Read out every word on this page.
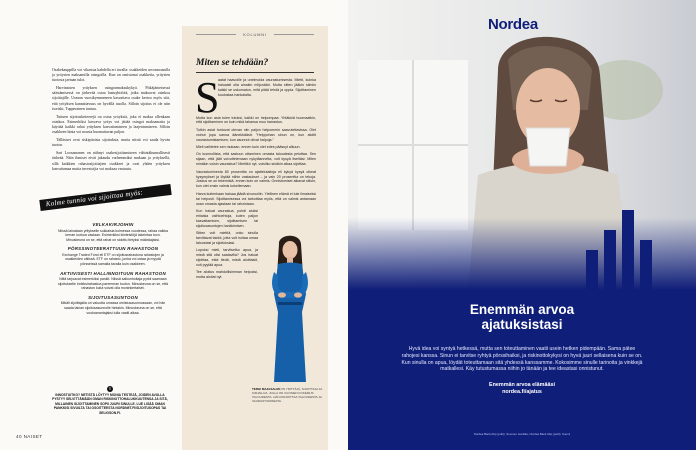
Osakekauppilla voi vikastua kahdella eri tavalla: osakkeiden arvonnousulla ja yritysten maksamilla osingoilla. Kun on omistanut osakkeita, yritysten tuotosta jaetaan tulot.

Harvinaisen yrityksen osingonmaksukykyä. Pitkäjänteisessä säästämisessä on järkevää ostaa laatuyhtiöitä, jotka maksavat osinkoa sijoittajille. Useaan vuosikymmeneen kasvattava osake kertoo myös sitä, että yrityksen kannattavuus on hyvällä tasolla. Silloin sijoitus ei ole niin isoriski, Tupperainen tuntuu.

Tuttuen sijoituskriteerejä on ostaa yrityksiä, joka ei maksa ollenkaan osinkoa. Esimerkiksi kasvava yritys voi jättää osingot maksamatta ja käyttää kaikki rahat yrityksen kasvattamiseen ja laajentamiseen. Silloin osakkeen hinta voi nousta huomattavan paljon.

Tälläsiset ovat riskipitoisia sijoituksia, mutta niistä voi saada hyvän tuoton.

Sari Loosamanen on nähnyt osakesijoittamiseen vähintäkunnallisesti tärkeää. Näin ihmiset eivät jakaudu varhemmiksi mukaan ja yrityksellä, sillä kaikkien rahastosijoittajien osakkeet ja ovat yhden yrityksen kasvattamaa mutta investoijia voi maksaa vastuuta.

Kolme tunnia voi sijoittaa myös:
VELKAKIRJOIHIN
Niissä lainataan yritykselle sukkaisia kolmessa vuodessa, rahaa vaikka kerran korkoa vastaan. Esimerkiksi kiinteistöjä lakeintaa toon. Minuskeuna on se, että rahat on sidottu tietyksi määräajaksi.
PÖRSSINOTEERATTUUN RAHASTOON
Exchange Traded Fund eli ETF on sijoitusrahastona rahastojen ja osakkeiden välissä. ETF on rahasto, jonka voi ostaa ja myydä pörsseissä samalla tavalla kuin osakkeen.
AKTIIVISESTI HALLINNOITUUN RAHASTOON
Niitä tarjoavat esimerkiksi pankit. Niissä salkunhoitaja pyrkii saamaan sijoitukselle indeksirahastoa paremman tuoton. Minuskeuna on se, että rahaston kulut voivat olla moninkertaiset.
SIJOITUSASUNTOON
Mikäli sijoittajalla on valuutta omassa omistusasunnossaan, voi hän saada lainan sijoitusasunnolle hintakin. Minuskeuna on se, että vuokranantajaksi tulla vaatii aikaa.
!
INNOSTUITKO? NETISTÄ LÖYTYY MONIA TESTEJÄ, JOIDEN AVULLA PYSTYY SELVITTÄMÄÄN OMAN RISKINOTTOHALUKKUUTENSA JA SITÄ, MILLAINEN SIJOITTAMINEN SOPII JUURI SINULLE. LUE LISÄÄ OMAN PANKKISI SIVUILTA TAI OSOITTEESTA NORDNET.FI/SIJOITUSOPAS TAI SELIGSON.FI.
40 NAISET
KOLUMNI
Miten se tehdään?
S

aatat haavoille ja unelmoida vaurastumisesta. Mietit, kuinka haluaisit olla ainakin miljonääri. Mutta sitten jääkin silmiin kaikki se uskomaton, mitä pitää tehdä ja oppia. Sijoittaminen kuulostaa hankalalta.

Mutta kun asia tulee tutuksi, kaikki on helpompaa. Yhtäkkiä huomaatkin, että sijoittaminen on kuin mikä tahansa muu harrastus.

Tutkin asiat tuntuvat olevan niin paljon helpommin saavutettavissa. Olet voinut jopa sanoa äänekkäästi: "Helppohan sinun on, kun aloitit vaurastumistamisen, kun asunnot olivat halpoja."

Mieli vaihtelee sen mukaan, ennen kuin olet edes päässyt alkuun.

On luonnollista, että sastuun ottaminen omasta taloudesta pelottaa. Sen sijaan, että jäät voivottelemaan nykytilannetta, voit kysyä itseltäsi: Miten minäkin voisin vaurastua? Mietitkö nyt, voisitko sinäkin alkaa sijoittaa.

Vaurastuminesta 80 prosenttia on ajattelutaitoja eli kykyä kysyä oikeat kysymykset ja löytää niihin vastaukset – ja vain 20 prosenttia on tekoja. Joskus se on tekemistä, ennen kuin on valmis. Onnistumiset alkavat silloin, kun olet ensin valmis kokeilemaan.

Harva kuitenkaan haluaa jäädä sivurooliin. Ylellinen elämä ei tule ilmaiseksi tai helposti. Sijoittamisessa voi tarkoittaa myös, että on valmis antamaan osan omasta ajastaan tai rahoistaan.

Kun haluat vaurastua, pohdi aluksi erilaisia vaihtoehtoja, kuten paljon kasvattamisen, sijoittamisen tai sijoitusasuntojen hankkimisen.

Sitten voit miettiä, onko sinulla tarvittavat taidot, jotta voit hoitaa omaa taloustasi ja sijoituksiasi.

Lopuksi mieti, tarvitsetko apua, ja mistä sitä olisi saatavilla? Jos haluat sijoittaa, etkä tiedä, mistä aloittaisit, voit pyytää apua.

Tee aloitus mahdollisimman helpoksi, mutta aloitat nyt.

TERHI MAJASALMI ON YRITTÄJÄ, SIJOITTAJA JA KIRJAILIJA, JOLLA ON VUOSIEN KOKEMUS TALOUDESTA. HÄN KIRJOITTAA TALOUDESTA JA VAURASTUMISESTA.
Nordea
Enemmän arvoa
ajatuksistasi
Hyvä idea voi syntyä hetkessä, mutta sen toteuttaminen vaatii usein hetken pidempään. Sama pätee rahojesi kanssa. Sinun ei tarvitse ryhtyä pörssihaiksi, ja riskinottokykysi on hyvä juuri sellaisena kuin se on. Kun sinulla on apua, löydät toteuttamaan sitä yhdessä kanssamme. Kokosimme sinulle tarinoita ja vinkkejä matkallesi. Käy tutustumassa niihin jo tänään ja tee ideastasi onnistunut.
Enemmän arvoa elämääsi
nordea.fi/ajatus
Nordea Bank Abp (publ), Suomen sivuliike, Nordea Bank Abp (publ), Suomi
